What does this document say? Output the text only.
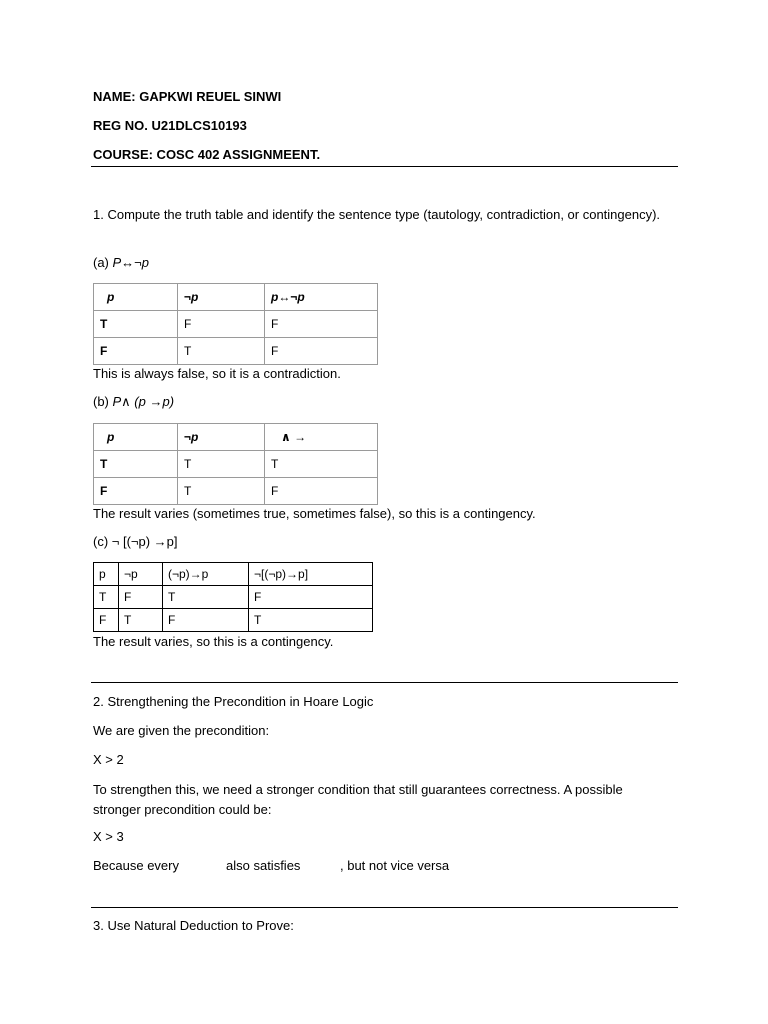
NAME: GAPKWI REUEL SINWI
REG NO. U21DLCS10193
COURSE: COSC 402 ASSIGNMEENT.
1. Compute the truth table and identify the sentence type (tautology, contradiction, or contingency).
(a) P↔¬p
p	¬p	p↔¬p
T	F	F
F	T	F
This is always false, so it is a contradiction.
(b) P∧ (p →p)
p	¬p	∧ →
T	T	T
F	T	F
The result varies (sometimes true, sometimes false), so this is a contingency.
(c) ¬ [(¬p) →p]
p	¬p	(¬p)→p	¬[(¬p)→p]
T	F	T	F
F	T	F	T
The result varies, so this is a contingency.
2. Strengthening the Precondition in Hoare Logic
We are given the precondition:
X > 2
To strengthen this, we need a stronger condition that still guarantees correctness. A possible stronger precondition could be:
X > 3
Because every	also satisfies	, but not vice versa
3. Use Natural Deduction to Prove:
